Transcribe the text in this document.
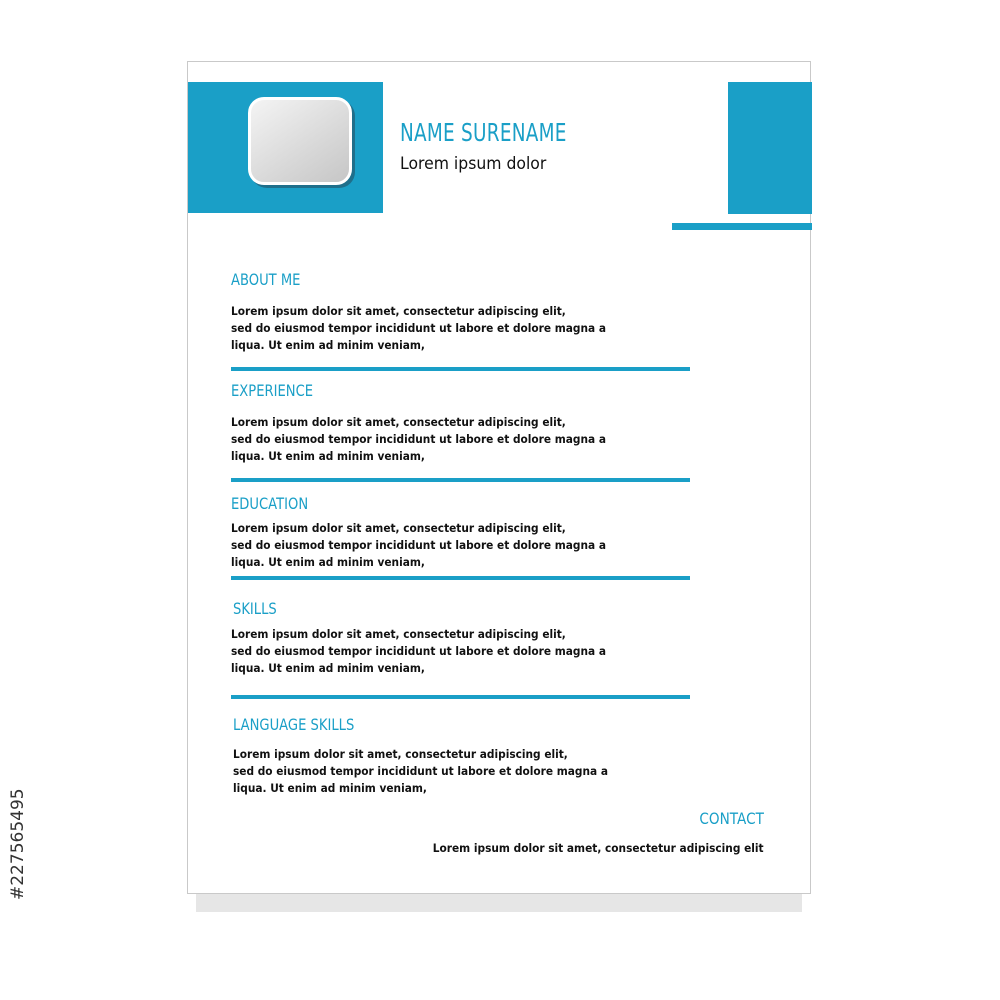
NAME SURENAME
Lorem ipsum dolor
ABOUT ME
Lorem ipsum dolor sit amet, consectetur adipiscing elit,
sed do eiusmod tempor incididunt ut labore et dolore magna a
liqua. Ut enim ad minim veniam,
EXPERIENCE
Lorem ipsum dolor sit amet, consectetur adipiscing elit,
sed do eiusmod tempor incididunt ut labore et dolore magna a
liqua. Ut enim ad minim veniam,
EDUCATION
Lorem ipsum dolor sit amet, consectetur adipiscing elit,
sed do eiusmod tempor incididunt ut labore et dolore magna a
liqua. Ut enim ad minim veniam,
SKILLS
Lorem ipsum dolor sit amet, consectetur adipiscing elit,
sed do eiusmod tempor incididunt ut labore et dolore magna a
liqua. Ut enim ad minim veniam,
LANGUAGE SKILLS
Lorem ipsum dolor sit amet, consectetur adipiscing elit,
sed do eiusmod tempor incididunt ut labore et dolore magna a
liqua. Ut enim ad minim veniam,
CONTACT
Lorem ipsum dolor sit amet, consectetur adipiscing elit
#227565495
